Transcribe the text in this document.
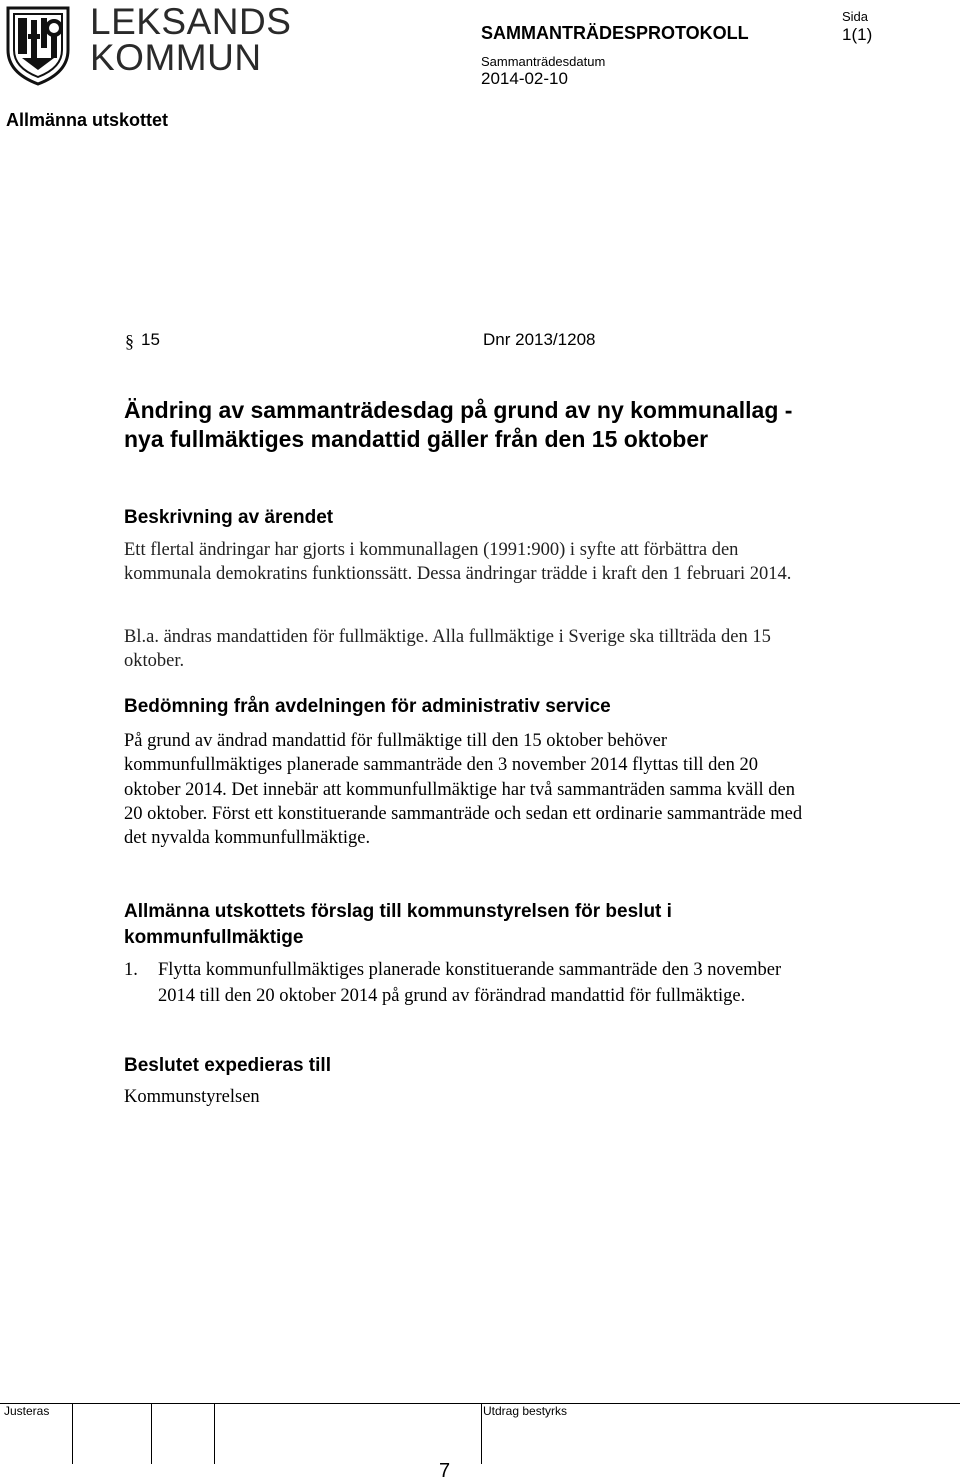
LEKSANDS
KOMMUN
SAMMANTRÄDESPROTOKOLL
Sida
1(1)
Sammanträdesdatum
2014-02-10
Allmänna utskottet
§ 15	Dnr 2013/1208
Ändring av sammanträdesdag på grund av ny kommunallag - nya fullmäktiges mandattid gäller från den 15 oktober
Beskrivning av ärendet
Ett flertal ändringar har gjorts i kommunallagen (1991:900) i syfte att förbättra den kommunala demokratins funktionssätt. Dessa ändringar trädde i kraft den 1 februari 2014.
Bl.a. ändras mandattiden för fullmäktige. Alla fullmäktige i Sverige ska tillträda den 15 oktober.
Bedömning från avdelningen för administrativ service
På grund av ändrad mandattid för fullmäktige till den 15 oktober behöver kommunfullmäktiges planerade sammanträde den 3 november 2014 flyttas till den 20 oktober 2014. Det innebär att kommunfullmäktige har två sammanträden samma kväll den 20 oktober. Först ett konstituerande sammanträde och sedan ett ordinarie sammanträde med det nyvalda kommunfullmäktige.
Allmänna utskottets förslag till kommunstyrelsen för beslut i kommunfullmäktige
1. Flytta kommunfullmäktiges planerade konstituerande sammanträde den 3 november 2014 till den 20 oktober 2014 på grund av förändrad mandattid för fullmäktige.
Beslutet expedieras till
Kommunstyrelsen
Justeras	Utdrag bestyrks
7
